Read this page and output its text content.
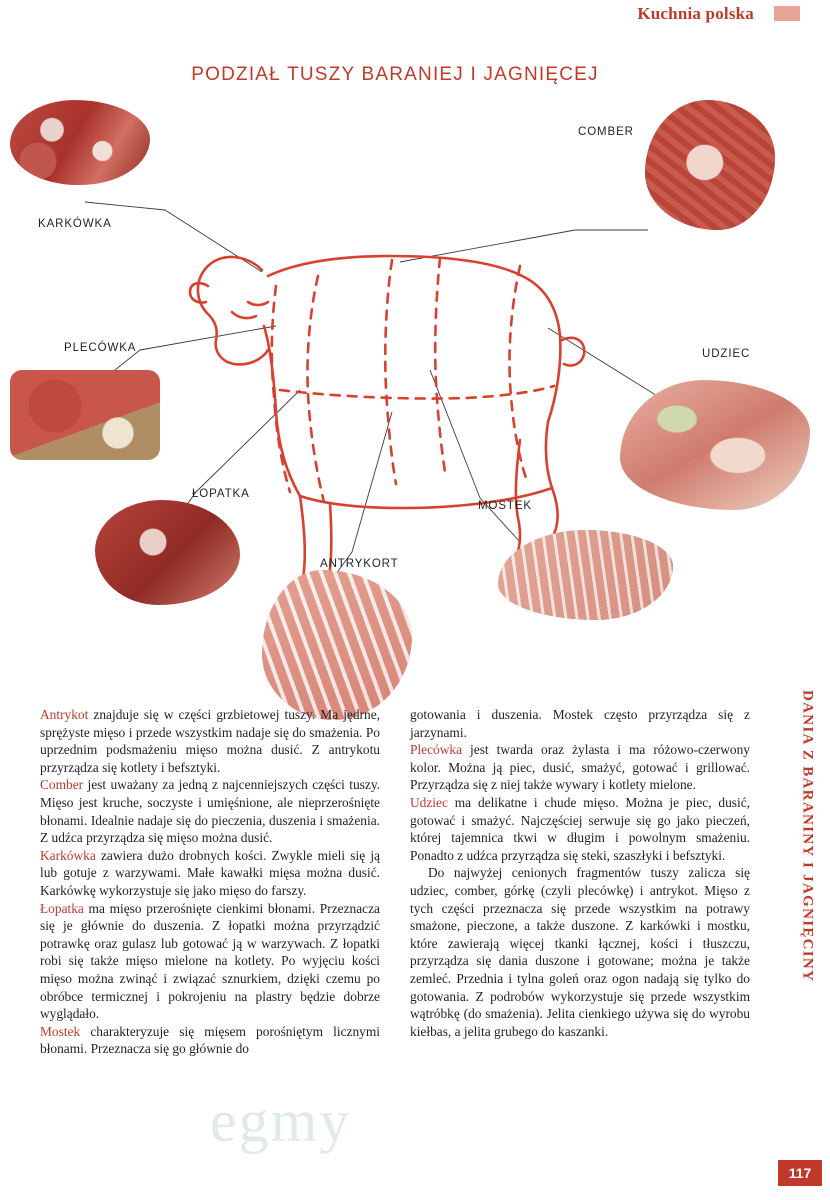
Kuchnia polska
PODZIAŁ TUSZY BARANIEJ I JAGNIĘCEJ
KARKÓWKA
COMBER
PLECÓWKA	UDZIEC
ŁOPATKA
MOSTEK
ANTRYKORT

Antrykot znajduje się w części grzbietowej tuszy. Ma jędrne, sprężyste mięso i przede wszystkim nadaje się do smażenia. Po uprzednim podsmażeniu mięso można dusić. Z antrykotu przyrządza się kotlety i befsztyki.

Comber jest uważany za jedną z najcenniejszych części tuszy. Mięso jest kruche, soczyste i umięśnione, ale nieprzerośnięte błonami. Idealnie nadaje się do pieczenia, duszenia i smażenia. Z udźca przyrządza się mięso można dusić.

Karkówka zawiera dużo drobnych kości. Zwykle mieli się ją lub gotuje z warzywami. Małe kawałki mięsa można dusić. Karkówkę wykorzystuje się jako mięso do farszy.

Łopatka ma mięso przerośnięte cienkimi błonami. Przeznacza się je głównie do duszenia. Z łopatki można przyrządzić potrawkę oraz gulasz lub gotować ją w warzywach. Z łopatki robi się także mięso mielone na kotlety. Po wyjęciu kości mięso można zwinąć i związać sznurkiem, dzięki czemu po obróbce termicznej i pokrojeniu na plastry będzie dobrze wyglądało.

Mostek charakteryzuje się mięsem porośniętym licznymi błonami. Przeznacza się go głównie do

gotowania i duszenia. Mostek często przyrządza się z jarzynami.

Plecówka jest twarda oraz żylasta i ma różowo-czerwony kolor. Można ją piec, dusić, smażyć, gotować i grillować. Przyrządza się z niej także wywary i kotlety mielone.

Udziec ma delikatne i chude mięso. Można je piec, dusić, gotować i smażyć. Najczęściej serwuje się go jako pieczeń, której tajemnica tkwi w długim i powolnym smażeniu. Ponadto z udźca przyrządza się steki, szaszłyki i befsztyki.

Do najwyżej cenionych fragmentów tuszy zalicza się udziec, comber, górkę (czyli plecówkę) i antrykot. Mięso z tych części przeznacza się przede wszystkim na potrawy smażone, pieczone, a także duszone. Z karkówki i mostku, które zawierają więcej tkanki łącznej, kości i tłuszczu, przyrządza się dania duszone i gotowane; można je także zemleć. Przednia i tylna goleń oraz ogon nadają się tylko do gotowania. Z podrobów wykorzystuje się przede wszystkim wątróbkę (do smażenia). Jelita cienkiego używa się do wyrobu kiełbas, a jelita grubego do kaszanki.

DANIA Z BARANINY I JAGNIĘCINY
117
egmy
